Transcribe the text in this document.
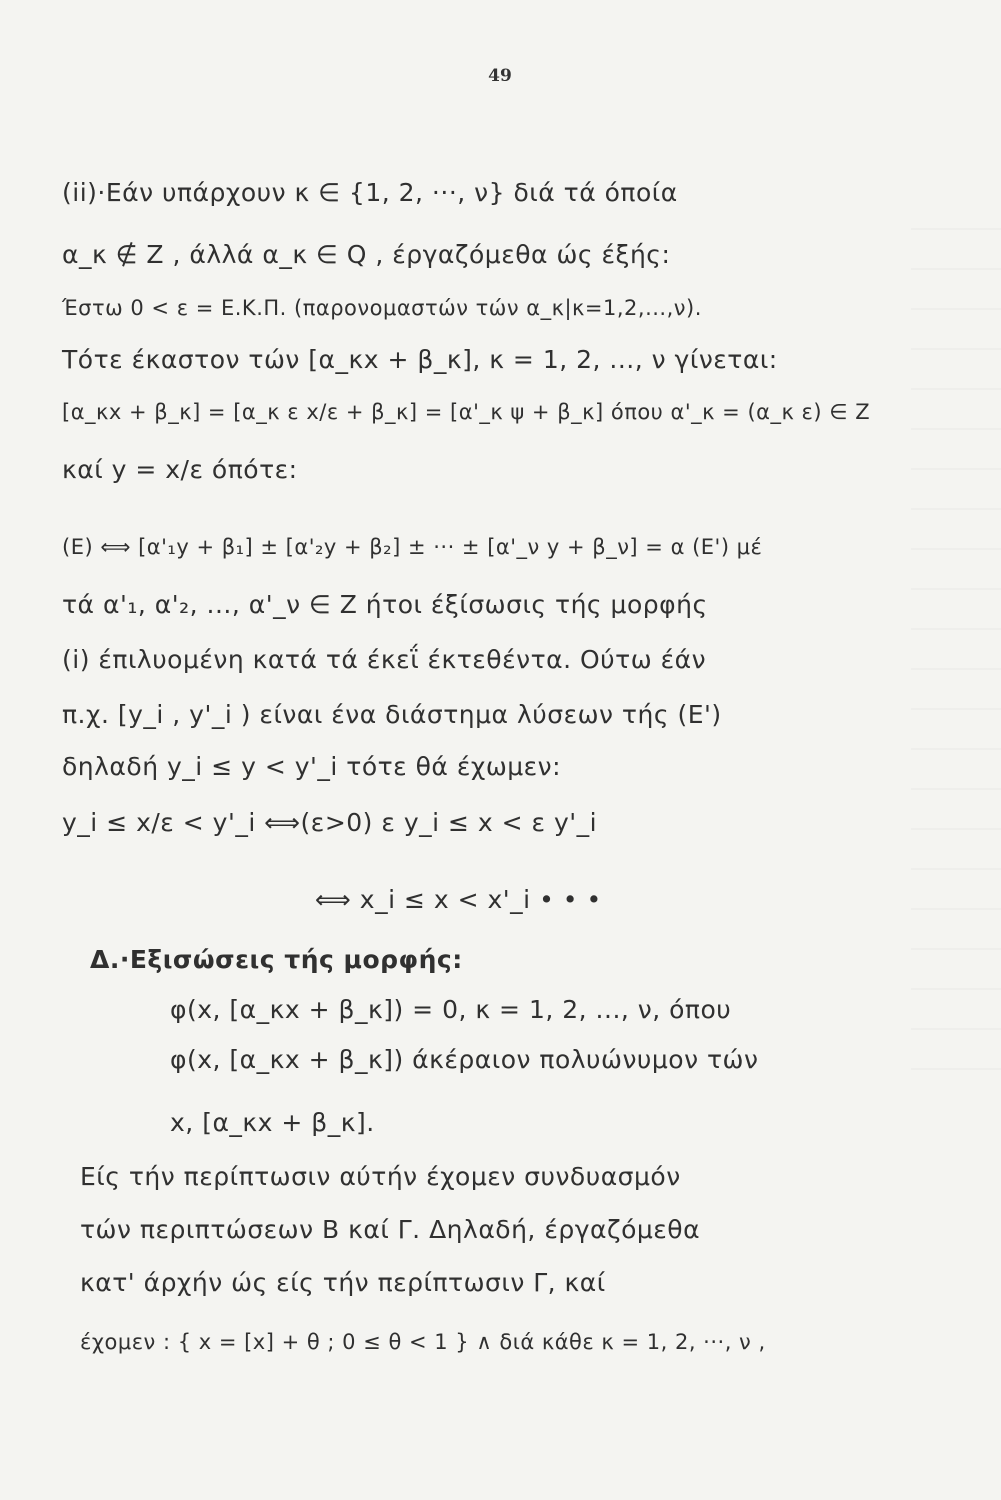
49
(ii)·Εάν υπάρχουν κ ∈ {1, 2, ···, ν} διά τά όποία
α_κ ∉ Z , άλλά α_κ ∈ Q , έργαζόμεθα ώς έξής:
Έστω 0 < ε = Ε.Κ.Π. (παρονομαστών τών α_κ|κ=1,2,...,ν).
Τότε έκαστον τών [α_κx + β_κ], κ = 1, 2, ..., ν γίνεται:
[α_κx + β_κ] = [α_κ ε x/ε + β_κ] = [α'_κ ψ + β_κ] όπου α'_κ = (α_κ ε) ∈ Z
καί y = x/ε όπότε:
(E) ⟺ [α'₁y + β₁] ± [α'₂y + β₂] ± ··· ± [α'_ν y + β_ν] = α (E') μέ
τά α'₁, α'₂, ..., α'_ν ∈ Z ήτοι έξίσωσις τής μορφής
(i) έπιλυομένη κατά τά έκεΐ έκτεθέντα. Ούτω έάν
π.χ. [y_i , y'_i ) είναι ένα διάστημα λύσεων τής (E')
δηλαδή y_i ≤ y < y'_i τότε θά έχωμεν:
y_i ≤ x/ε < y'_i ⟺(ε>0) ε y_i ≤ x < ε y'_i
⟺ x_i ≤ x < x'_i • • •
Δ.·Εξισώσεις τής μορφής:
φ(x, [α_κx + β_κ]) = 0, κ = 1, 2, ..., ν, όπου
φ(x, [α_κx + β_κ]) άκέραιον πολυώνυμον τών
x, [α_κx + β_κ].
Είς τήν περίπτωσιν αύτήν έχομεν συνδυασμόν
τών περιπτώσεων Β καί Γ. Δηλαδή, έργαζόμεθα
κατ' άρχήν ώς είς τήν περίπτωσιν Γ, καί
έχομεν : { x = [x] + θ ; 0 ≤ θ < 1 } ∧ διά κάθε κ = 1, 2, ···, ν ,
